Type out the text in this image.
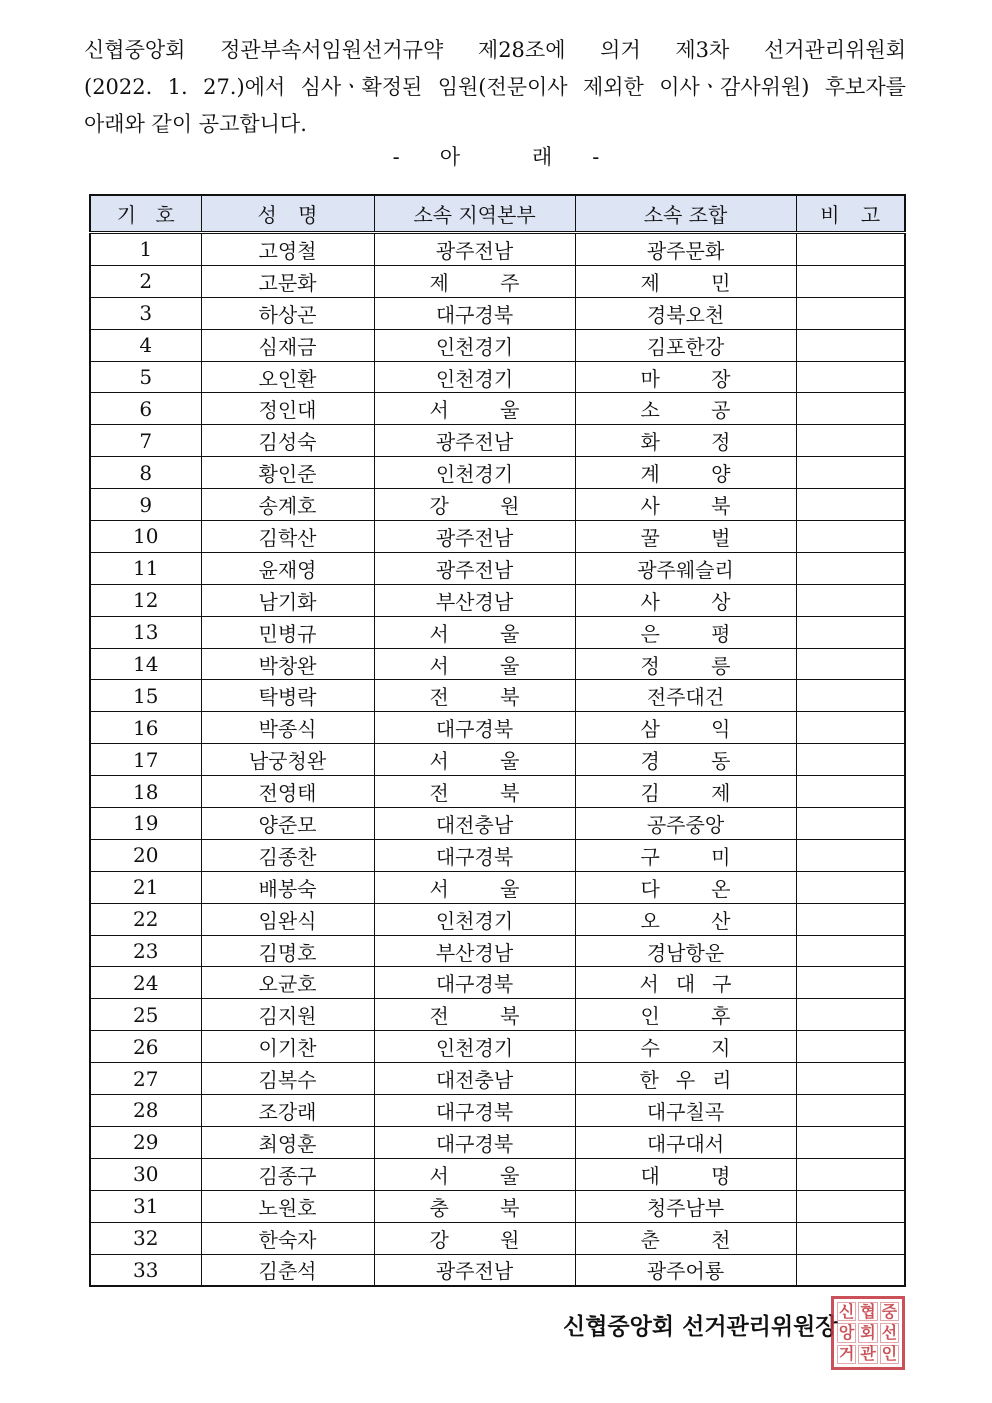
신협중앙회 정관부속서임원선거규약 제28조에 의거 제3차 선거관리위원회

(2022. 1. 27.)에서 심사ㆍ확정된 임원(전문이사 제외한 이사ㆍ감사위원) 후보자를

아래와 같이 공고합니다.

- 아	래 -
기 호	성 명	소속 지역본부	소속 조합	비 고

1	고영철	광주전남	광주문화	
2	고문화	제 주	제 민	

3	하상곤	대구경북	경북오천	
4	심재금	인천경기	김포한강	
5	오인환	인천경기	마 장	

6	정인대	서 울	소 공	

7	김성숙	광주전남	화 정	

8	황인준	인천경기	계 양	

9	송계호	강 원	사 북	

10	김학산	광주전남	꿀 벌	

11	윤재영	광주전남	광주웨슬리	
12	남기화	부산경남	사 상	

13	민병규	서 울	은 평	

14	박창완	서 울	정 릉	

15	탁병락	전 북	전주대건	
16	박종식	대구경북	삼 익	

17	남궁청완	서 울	경 동	

18	전영태	전 북	김 제	

19	양준모	대전충남	공주중앙	
20	김종찬	대구경북	구 미	

21	배봉숙	서 울	다 온	

22	임완식	인천경기	오 산	

23	김명호	부산경남	경남항운	
24	오균호	대구경북	서 대 구	

25	김지원	전 북	인 후	

26	이기찬	인천경기	수 지	

27	김복수	대전충남	한 우 리	

28	조강래	대구경북	대구칠곡	
29	최영훈	대구경북	대구대서	
30	김종구	서 울	대 명	

31	노원호	충 북	청주남부	
32	한숙자	강 원	춘 천	

33	김춘석	광주전남	광주어룡	
신협중앙회 선거관리위원장
신 협 중
앙 회 선
거 관 인
